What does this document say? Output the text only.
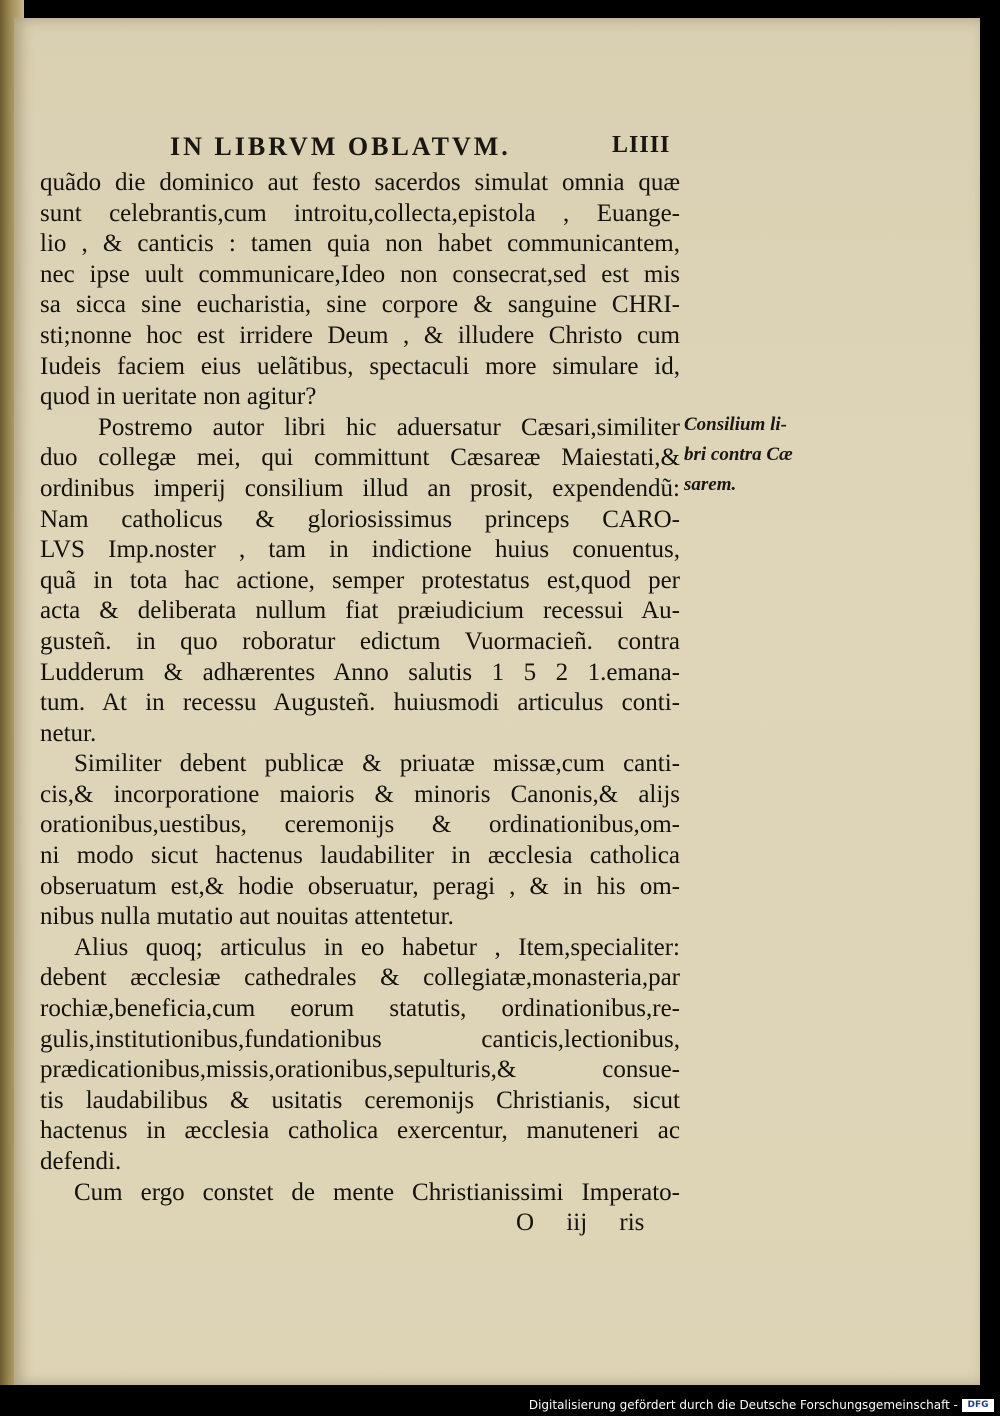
IN LIBRVM OBLATVM.	LIIII
quãdo die dominico aut festo sacerdos simulat omnia quæ
sunt celebrantis,cum introitu,collecta,epistola , Euange-
lio , & canticis : tamen quia non habet communicantem,
nec ipse uult communicare,Ideo non consecrat,sed est mis
sa sicca sine eucharistia, sine corpore & sanguine CHRI-
sti;nonne hoc est irridere Deum , & illudere Christo cum
Iudeis faciem eius uelãtibus, spectaculi more simulare id,
quod in ueritate non agitur?
Postremo autor libri hic aduersatur Cæsari,similiter
duo collegæ mei, qui committunt Cæsareæ Maiestati,&
ordinibus imperij consilium illud an prosit, expendendũ:
Nam catholicus & gloriosissimus princeps CARO-
LVS Imp.noster , tam in indictione huius conuentus,
quã in tota hac actione, semper protestatus est,quod per
acta & deliberata nullum fiat præiudicium recessui Au-
gusteñ. in quo roboratur edictum Vuormacieñ. contra
Ludderum & adhærentes Anno salutis 1 5 2 1.emana-
tum. At in recessu Augusteñ. huiusmodi articulus conti-
netur.
Similiter debent publicæ & priuatæ missæ,cum canti-
cis,& incorporatione maioris & minoris Canonis,& alijs
orationibus,uestibus, ceremonijs & ordinationibus,om-
ni modo sicut hactenus laudabiliter in æcclesia catholica
obseruatum est,& hodie obseruatur, peragi , & in his om-
nibus nulla mutatio aut nouitas attentetur.
Alius quoq; articulus in eo habetur , Item,specialiter:
debent æcclesiæ cathedrales & collegiatæ,monasteria,par
rochiæ,beneficia,cum eorum statutis, ordinationibus,re-
gulis,institutionibus,fundationibus canticis,lectionibus,
prædicationibus,missis,orationibus,sepulturis,& consue-
tis laudabilibus & usitatis ceremonijs Christianis, sicut
hactenus in æcclesia catholica exercentur, manuteneri ac
defendi.
Cum ergo constet de mente Christianissimi Imperato-
O iij ris
Consilium li-
bri contra Cæ
sarem.
Digitalisierung gefördert durch die Deutsche Forschungsgemeinschaft -	DFG
